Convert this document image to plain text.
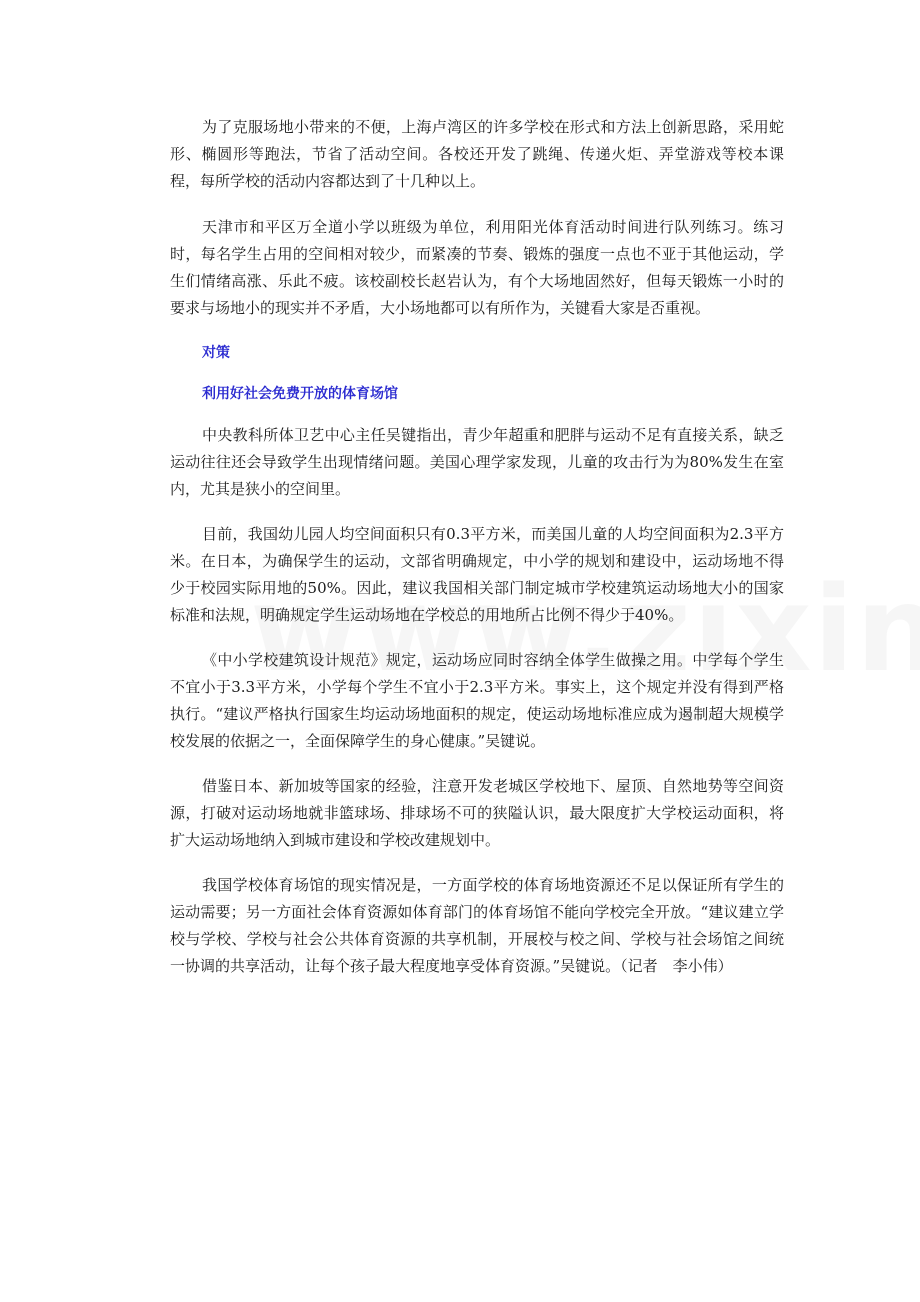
为了克服场地小带来的不便，上海卢湾区的许多学校在形式和方法上创新思路，采用蛇形、椭圆形等跑法，节省了活动空间。各校还开发了跳绳、传递火炬、弄堂游戏等校本课程，每所学校的活动内容都达到了十几种以上。

天津市和平区万全道小学以班级为单位，利用阳光体育活动时间进行队列练习。练习时，每名学生占用的空间相对较少，而紧凑的节奏、锻炼的强度一点也不亚于其他运动，学生们情绪高涨、乐此不疲。该校副校长赵岩认为，有个大场地固然好，但每天锻炼一小时的要求与场地小的现实并不矛盾，大小场地都可以有所作为，关键看大家是否重视。

对策
利用好社会免费开放的体育场馆

中央教科所体卫艺中心主任吴键指出，青少年超重和肥胖与运动不足有直接关系，缺乏运动往往还会导致学生出现情绪问题。美国心理学家发现，儿童的攻击行为为80%发生在室内，尤其是狭小的空间里。

目前，我国幼儿园人均空间面积只有0.3平方米，而美国儿童的人均空间面积为2.3平方米。在日本，为确保学生的运动，文部省明确规定，中小学的规划和建设中，运动场地不得少于校园实际用地的50%。因此，建议我国相关部门制定城市学校建筑运动场地大小的国家标准和法规，明确规定学生运动场地在学校总的用地所占比例不得少于40%。

《中小学校建筑设计规范》规定，运动场应同时容纳全体学生做操之用。中学每个学生不宜小于3.3平方米，小学每个学生不宜小于2.3平方米。事实上，这个规定并没有得到严格执行。“建议严格执行国家生均运动场地面积的规定，使运动场地标准应成为遏制超大规模学校发展的依据之一，全面保障学生的身心健康。”吴键说。

借鉴日本、新加坡等国家的经验，注意开发老城区学校地下、屋顶、自然地势等空间资源，打破对运动场地就非篮球场、排球场不可的狭隘认识，最大限度扩大学校运动面积，将扩大运动场地纳入到城市建设和学校改建规划中。

我国学校体育场馆的现实情况是，一方面学校的体育场地资源还不足以保证所有学生的运动需要；另一方面社会体育资源如体育部门的体育场馆不能向学校完全开放。“建议建立学校与学校、学校与社会公共体育资源的共享机制，开展校与校之间、学校与社会场馆之间统一协调的共享活动，让每个孩子最大程度地享受体育资源。”吴键说。（记者　李小伟）
